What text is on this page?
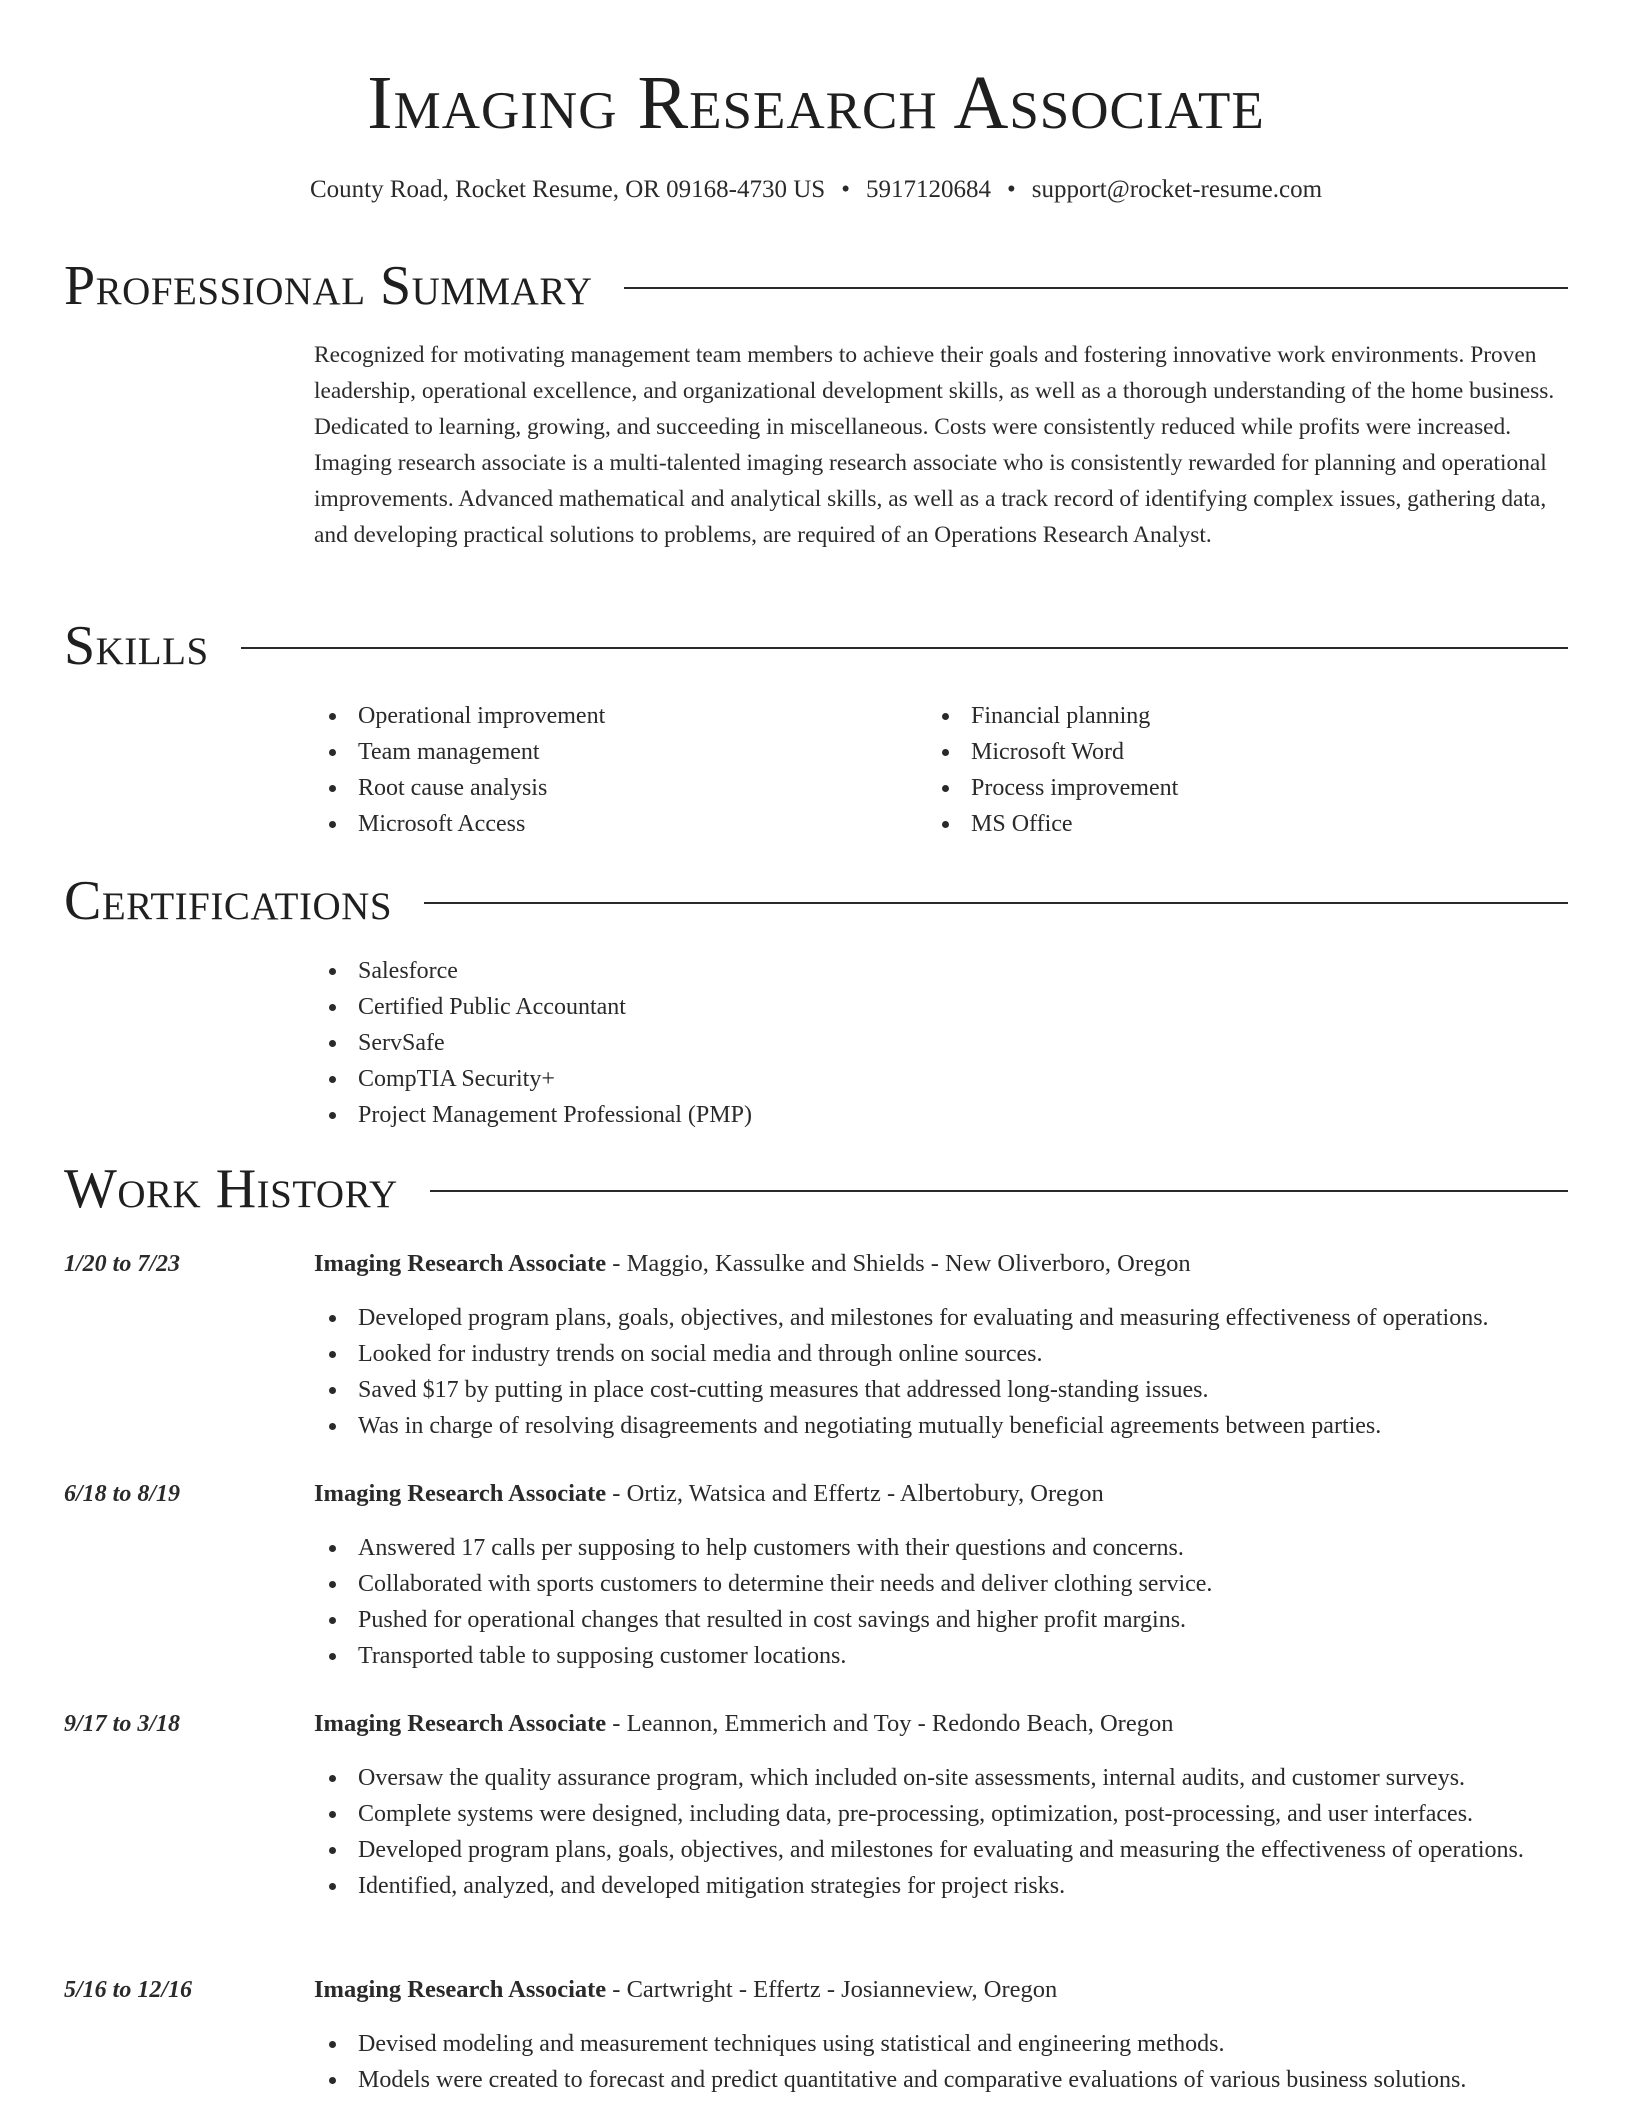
Imaging Research Associate
County Road, Rocket Resume, OR 09168-4730 US • 5917120684 • support@rocket-resume.com
Professional Summary

Recognized for motivating management team members to achieve their goals and fostering innovative work environments. Proven leadership, operational excellence, and organizational development skills, as well as a thorough understanding of the home business. Dedicated to learning, growing, and succeeding in miscellaneous. Costs were consistently reduced while profits were increased. Imaging research associate is a multi-talented imaging research associate who is consistently rewarded for planning and operational improvements. Advanced mathematical and analytical skills, as well as a track record of identifying complex issues, gathering data, and developing practical solutions to problems, are required of an Operations Research Analyst.

Skills
Operational improvement
Team management
Root cause analysis
Microsoft Access
Financial planning
Microsoft Word
Process improvement
MS Office
Certifications
Salesforce
Certified Public Accountant
ServSafe
CompTIA Security+
Project Management Professional (PMP)
Work History
1/20 to 7/23	Imaging Research Associate - Maggio, Kassulke and Shields - New Oliverboro, Oregon
Developed program plans, goals, objectives, and milestones for evaluating and measuring effectiveness of operations.
Looked for industry trends on social media and through online sources.
Saved $17 by putting in place cost-cutting measures that addressed long-standing issues.
Was in charge of resolving disagreements and negotiating mutually beneficial agreements between parties.
6/18 to 8/19	Imaging Research Associate - Ortiz, Watsica and Effertz - Albertobury, Oregon
Answered 17 calls per supposing to help customers with their questions and concerns.
Collaborated with sports customers to determine their needs and deliver clothing service.
Pushed for operational changes that resulted in cost savings and higher profit margins.
Transported table to supposing customer locations.
9/17 to 3/18	Imaging Research Associate - Leannon, Emmerich and Toy - Redondo Beach, Oregon
Oversaw the quality assurance program, which included on-site assessments, internal audits, and customer surveys.
Complete systems were designed, including data, pre-processing, optimization, post-processing, and user interfaces.
Developed program plans, goals, objectives, and milestones for evaluating and measuring the effectiveness of operations.
Identified, analyzed, and developed mitigation strategies for project risks.
5/16 to 12/16	Imaging Research Associate - Cartwright - Effertz - Josianneview, Oregon
Devised modeling and measurement techniques using statistical and engineering methods.
Models were created to forecast and predict quantitative and comparative evaluations of various business solutions.
